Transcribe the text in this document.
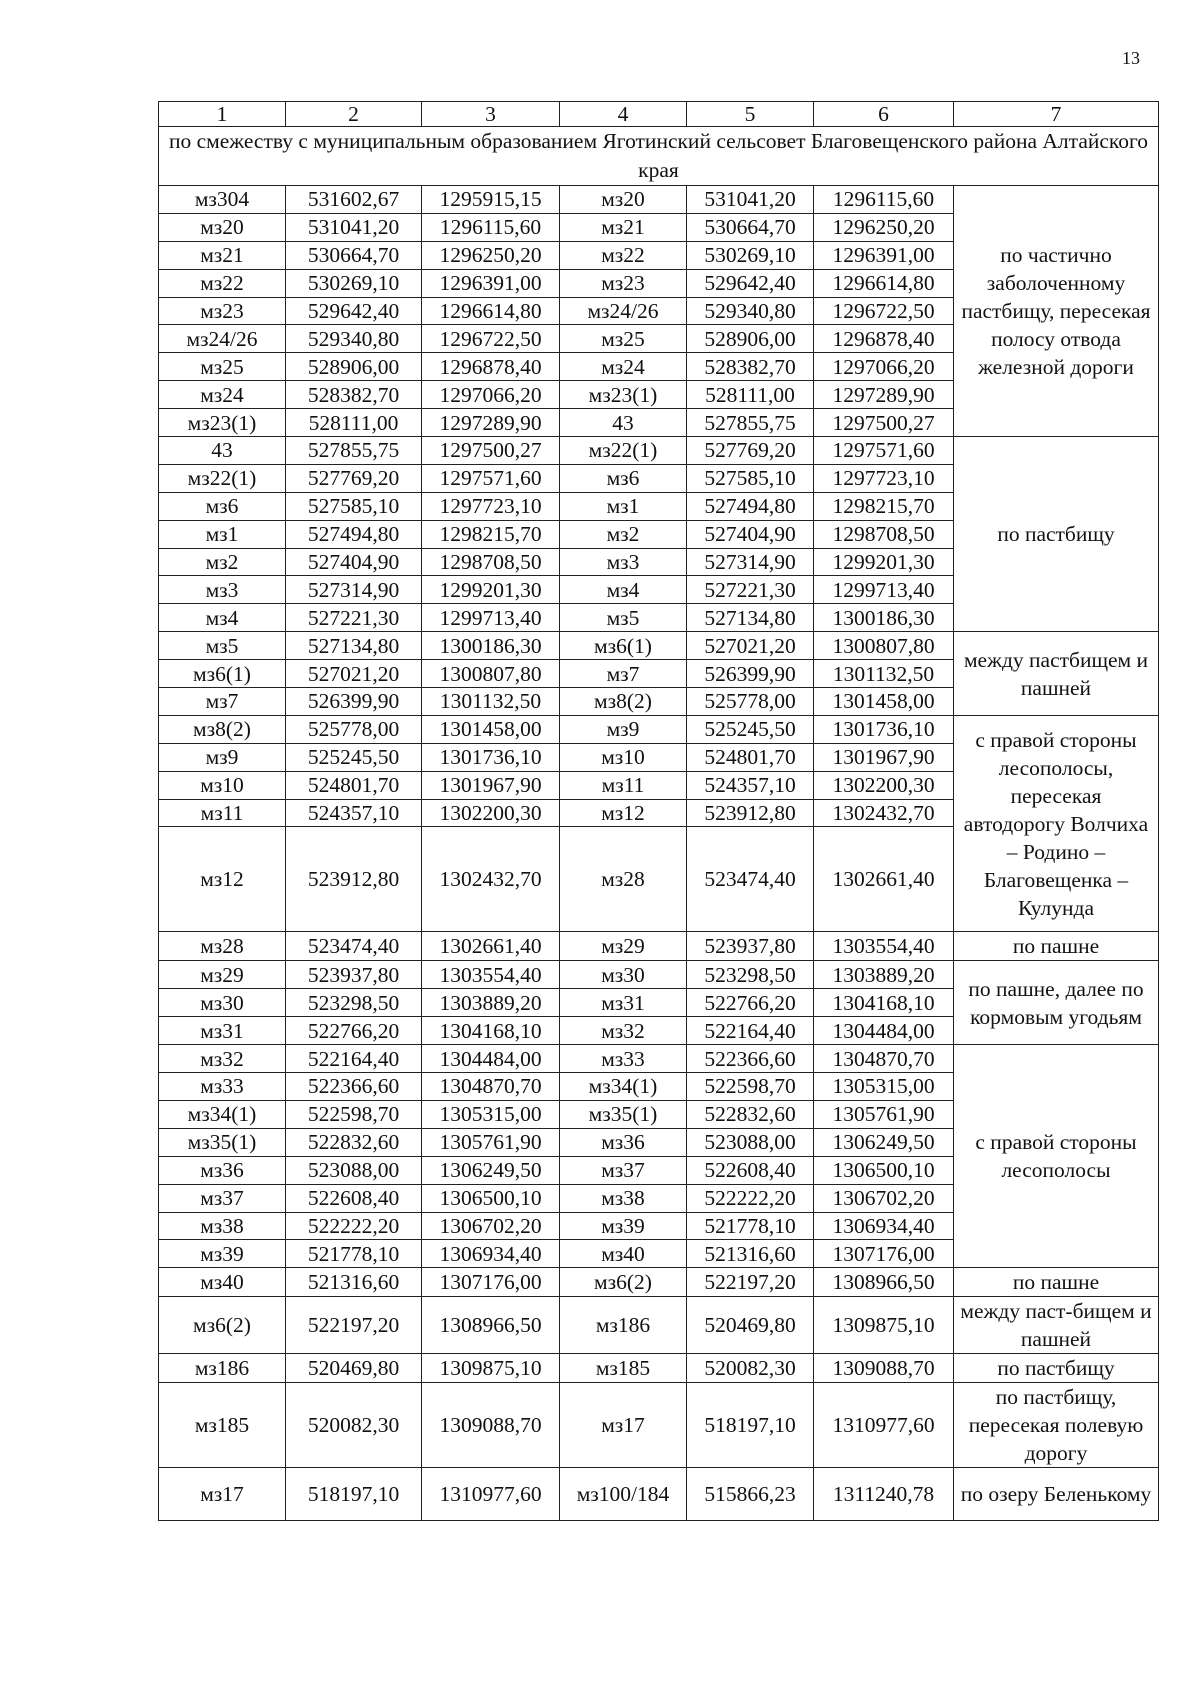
13
1	2	3	4	5	6	7
по смежеству с муниципальным образованием Яготинский сельсовет Благовещенского района Алтайского края						
мз304	531602,67	1295915,15	мз20	531041,20	1296115,60	по частично заболоченному пастбищу, пересекая полосу отвода железной дороги
мз20	531041,20	1296115,60	мз21	530664,70	1296250,20	
мз21	530664,70	1296250,20	мз22	530269,10	1296391,00	
мз22	530269,10	1296391,00	мз23	529642,40	1296614,80	
мз23	529642,40	1296614,80	мз24/26	529340,80	1296722,50	
мз24/26	529340,80	1296722,50	мз25	528906,00	1296878,40	
мз25	528906,00	1296878,40	мз24	528382,70	1297066,20	
мз24	528382,70	1297066,20	мз23(1)	528111,00	1297289,90	
мз23(1)	528111,00	1297289,90	43	527855,75	1297500,27	
43	527855,75	1297500,27	мз22(1)	527769,20	1297571,60	по пастбищу
мз22(1)	527769,20	1297571,60	мз6	527585,10	1297723,10	
мз6	527585,10	1297723,10	мз1	527494,80	1298215,70	
мз1	527494,80	1298215,70	мз2	527404,90	1298708,50	
мз2	527404,90	1298708,50	мз3	527314,90	1299201,30	
мз3	527314,90	1299201,30	мз4	527221,30	1299713,40	
мз4	527221,30	1299713,40	мз5	527134,80	1300186,30	
мз5	527134,80	1300186,30	мз6(1)	527021,20	1300807,80	между пастбищем и пашней
мз6(1)	527021,20	1300807,80	мз7	526399,90	1301132,50	
мз7	526399,90	1301132,50	мз8(2)	525778,00	1301458,00	
мз8(2)	525778,00	1301458,00	мз9	525245,50	1301736,10	с правой стороны лесополосы, пересекая автодорогу Волчиха – Родино – Благовещенка – Кулунда
мз9	525245,50	1301736,10	мз10	524801,70	1301967,90	
мз10	524801,70	1301967,90	мз11	524357,10	1302200,30	
мз11	524357,10	1302200,30	мз12	523912,80	1302432,70	
мз12	523912,80	1302432,70	мз28	523474,40	1302661,40	
мз28	523474,40	1302661,40	мз29	523937,80	1303554,40	по пашне
мз29	523937,80	1303554,40	мз30	523298,50	1303889,20	по пашне, далее по кормовым угодьям
мз30	523298,50	1303889,20	мз31	522766,20	1304168,10	
мз31	522766,20	1304168,10	мз32	522164,40	1304484,00	
мз32	522164,40	1304484,00	мз33	522366,60	1304870,70	с правой стороны лесополосы
мз33	522366,60	1304870,70	мз34(1)	522598,70	1305315,00	
мз34(1)	522598,70	1305315,00	мз35(1)	522832,60	1305761,90	
мз35(1)	522832,60	1305761,90	мз36	523088,00	1306249,50	
мз36	523088,00	1306249,50	мз37	522608,40	1306500,10	
мз37	522608,40	1306500,10	мз38	522222,20	1306702,20	
мз38	522222,20	1306702,20	мз39	521778,10	1306934,40	
мз39	521778,10	1306934,40	мз40	521316,60	1307176,00	
мз40	521316,60	1307176,00	мз6(2)	522197,20	1308966,50	по пашне
мз6(2)	522197,20	1308966,50	мз186	520469,80	1309875,10	между паст-бищем и пашней
мз186	520469,80	1309875,10	мз185	520082,30	1309088,70	по пастбищу
мз185	520082,30	1309088,70	мз17	518197,10	1310977,60	по пастбищу, пересекая полевую дорогу
мз17	518197,10	1310977,60	мз100/184	515866,23	1311240,78	по озеру Беленькому
